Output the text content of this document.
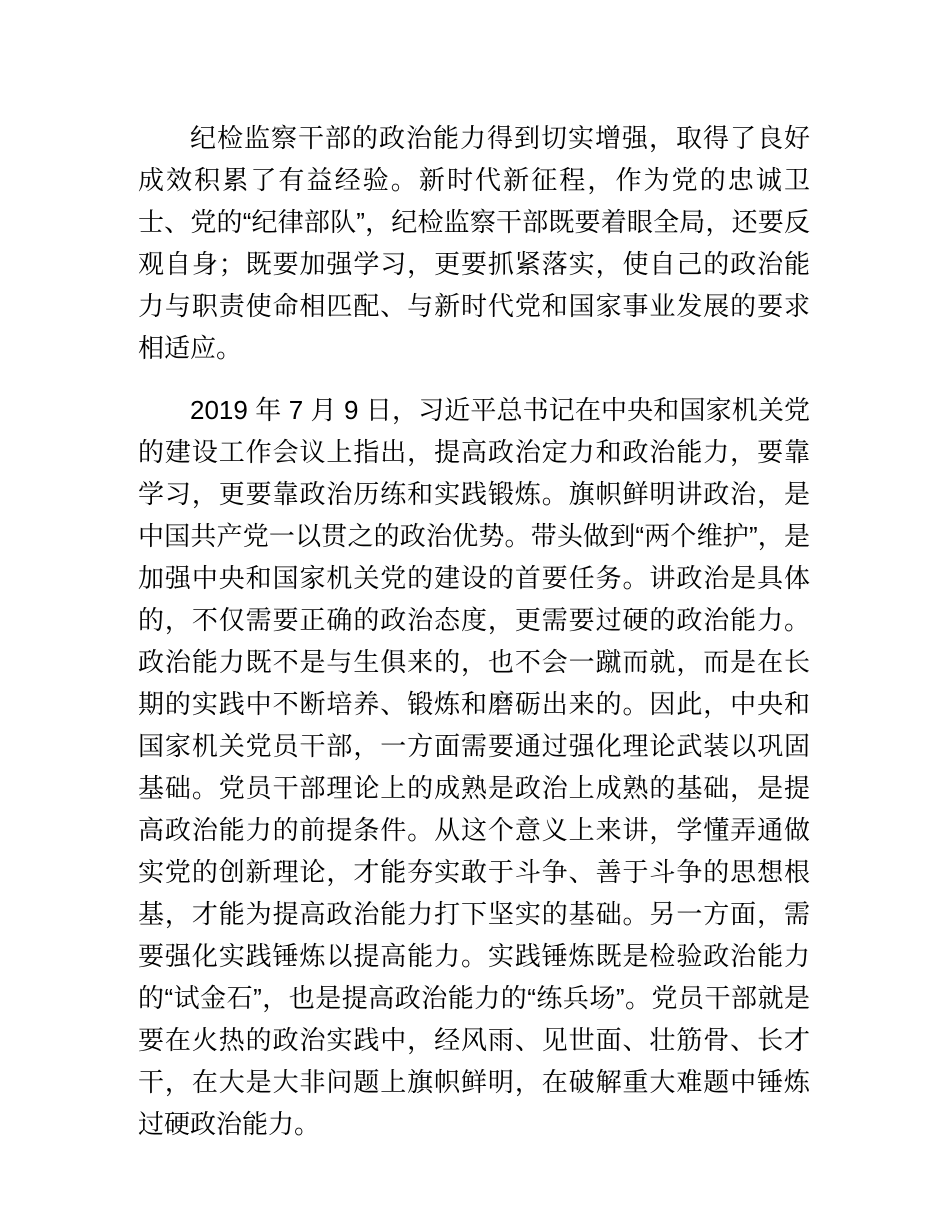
纪检监察干部的政治能力得到切实增强，取得了良好成效积累了有益经验。新时代新征程，作为党的忠诚卫士、党的“纪律部队”，纪检监察干部既要着眼全局，还要反观自身；既要加强学习，更要抓紧落实，使自己的政治能力与职责使命相匹配、与新时代党和国家事业发展的要求相适应。

2019 年 7 月 9 日，习近平总书记在中央和国家机关党的建设工作会议上指出，提高政治定力和政治能力，要靠学习，更要靠政治历练和实践锻炼。旗帜鲜明讲政治，是中国共产党一以贯之的政治优势。带头做到“两个维护”，是加强中央和国家机关党的建设的首要任务。讲政治是具体的，不仅需要正确的政治态度，更需要过硬的政治能力。政治能力既不是与生俱来的，也不会一蹴而就，而是在长期的实践中不断培养、锻炼和磨砺出来的。因此，中央和国家机关党员干部，一方面需要通过强化理论武装以巩固基础。党员干部理论上的成熟是政治上成熟的基础，是提高政治能力的前提条件。从这个意义上来讲，学懂弄通做实党的创新理论，才能夯实敢于斗争、善于斗争的思想根基，才能为提高政治能力打下坚实的基础。另一方面，需要强化实践锤炼以提高能力。实践锤炼既是检验政治能力的“试金石”，也是提高政治能力的“练兵场”。党员干部就是要在火热的政治实践中，经风雨、见世面、壮筋骨、长才干，在大是大非问题上旗帜鲜明，在破解重大难题中锤炼过硬政治能力。
